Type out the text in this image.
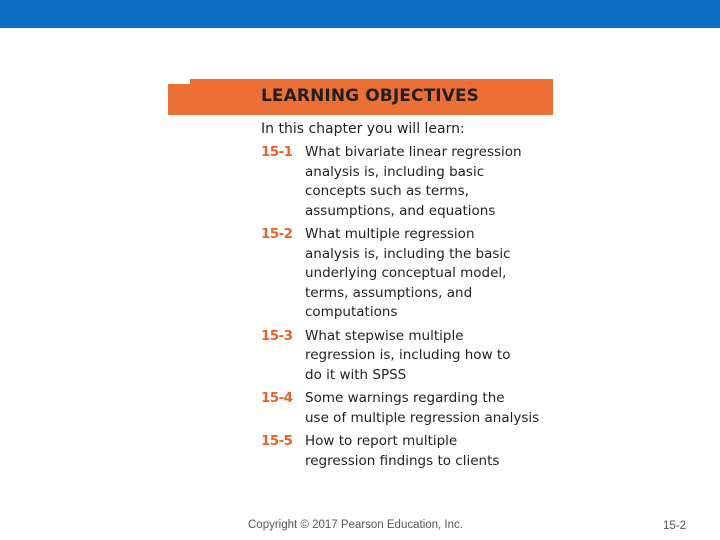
LEARNING OBJECTIVES
In this chapter you will learn:
15-1 What bivariate linear regression
analysis is, including basic
concepts such as terms,
assumptions, and equations
15-2 What multiple regression
analysis is, including the basic
underlying conceptual model,
terms, assumptions, and
computations
15-3 What stepwise multiple
regression is, including how to
do it with SPSS
15-4 Some warnings regarding the
use of multiple regression analysis
15-5 How to report multiple
regression findings to clients
Copyright © 2017 Pearson Education, Inc.	15-2
